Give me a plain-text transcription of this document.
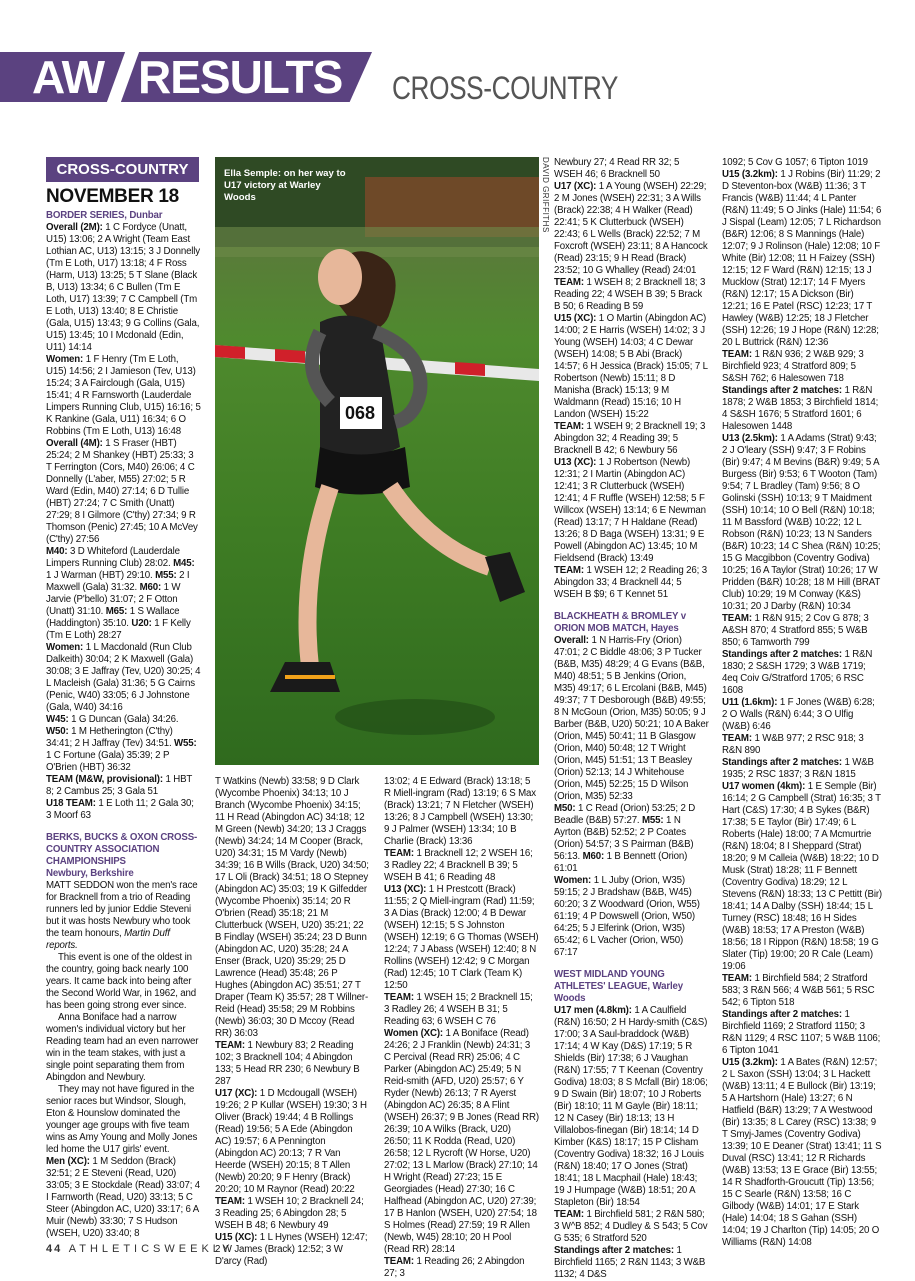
AW RESULTS CROSS-COUNTRY
CROSS-COUNTRY
NOVEMBER 18

BORDER SERIES, Dunbar

Overall (2M): 1 C Fordyce (Unatt, U15) 13:06; 2 A Wright (Team East Lothian AC, U13) 13:15; 3 J Donnelly (Tm E Loth, U17) 13:18; 4 F Ross (Harm, U13) 13:25; 5 T Slane (Black B, U13) 13:34; 6 C Bullen (Tm E Loth, U17) 13:39; 7 C Campbell (Tm E Loth, U13) 13:40; 8 E Christie (Gala, U15) 13:43; 9 G Collins (Gala, U15) 13:45; 10 I Mcdonald (Edin, U11) 14:14

Women: 1 F Henry (Tm E Loth, U15) 14:56; 2 I Jamieson (Tev, U13) 15:24; 3 A Fairclough (Gala, U15) 15:41; 4 R Farnsworth (Lauderdale Limpers Running Club, U15) 16:16; 5 K Rankine (Gala, U11) 16:34; 6 O Robbins (Tm E Loth, U13) 16:48

Overall (4M): 1 S Fraser (HBT) 25:24; 2 M Shankey (HBT) 25:33; 3 T Ferrington (Cors, M40) 26:06; 4 C Donnelly (L'aber, M55) 27:02; 5 R Ward (Edin, M40) 27:14; 6 D Tullie (HBT) 27:24; 7 C Smith (Unatt) 27:29; 8 I Gilmore (C'thy) 27:34; 9 R Thomson (Penic) 27:45; 10 A McVey (C'thy) 27:56

M40: 3 D Whiteford (Lauderdale Limpers Running Club) 28:02. M45: 1 J Warman (HBT) 29:10. M55: 2 I Maxwell (Gala) 31:32. M60: 1 W Jarvie (P'bello) 31:07; 2 F Otton (Unatt) 31:10. M65: 1 S Wallace (Haddington) 35:10. U20: 1 F Kelly (Tm E Loth) 28:27

Women: 1 L Macdonald (Run Club Dalkeith) 30:04; 2 K Maxwell (Gala) 30:08; 3 E Jaffray (Tev, U20) 30:25; 4 L Macleish (Gala) 31:36; 5 G Cairns (Penic, W40) 33:05; 6 J Johnstone (Gala, W40) 34:16

W45: 1 G Duncan (Gala) 34:26. W50: 1 M Hetherington (C'thy) 34:41; 2 H Jaffray (Tev) 34:51. W55: 1 C Fortune (Gala) 35:39; 2 P O'Brien (HBT) 36:32

TEAM (M&W, provisional): 1 HBT 8; 2 Cambus 25; 3 Gala 51

U18 TEAM: 1 E Loth 11; 2 Gala 30; 3 Moorf 63

BERKS, BUCKS & OXON CROSS-COUNTRY ASSOCIATION CHAMPIONSHIPS

Newbury, Berkshire

MATT SEDDON won the men's race for Bracknell from a trio of Reading runners led by junior Eddie Steveni but it was hosts Newbury who took the team honours, Martin Duff reports.

This event is one of the oldest in the country, going back nearly 100 years. It came back into being after the Second World War, in 1962, and has been going strong ever since.

Anna Boniface had a narrow women's individual victory but her Reading team had an even narrower win in the team stakes, with just a single point separating them from Abingdon and Newbury.

They may not have figured in the senior races but Windsor, Slough, Eton & Hounslow dominated the younger age groups with five team wins as Amy Young and Molly Jones led home the U17 girls' event.

Men (XC): 1 M Seddon (Brack) 32:51; 2 E Steveni (Read, U20) 33:05; 3 E Stockdale (Read) 33:07; 4 I Farnworth (Read, U20) 33:13; 5 C Steer (Abingdon AC, U20) 33:17; 6 A Muir (Newb) 33:30; 7 S Hudson (WSEH, U20) 33:40; 8

068
Ella Semple: on her way to U17 victory at Warley Woods	DAVID GRIFFITHS

T Watkins (Newb) 33:58; 9 D Clark (Wycombe Phoenix) 34:13; 10 J Branch (Wycombe Phoenix) 34:15; 11 H Read (Abingdon AC) 34:18; 12 M Green (Newb) 34:20; 13 J Craggs (Newb) 34:24; 14 M Cooper (Brack, U20) 34:31; 15 M Vardy (Newb) 34:39; 16 B Wills (Brack, U20) 34:50; 17 L Oli (Brack) 34:51; 18 O Stepney (Abingdon AC) 35:03; 19 K Gilfedder (Wycombe Phoenix) 35:14; 20 R O'brien (Read) 35:18; 21 M Clutterbuck (WSEH, U20) 35:21; 22 B Findlay (WSEH) 35:24; 23 D Bunn (Abingdon AC, U20) 35:28; 24 A Enser (Brack, U20) 35:29; 25 D Lawrence (Head) 35:48; 26 P Hughes (Abingdon AC) 35:51; 27 T Draper (Team K) 35:57; 28 T Willner-Reid (Head) 35:58; 29 M Robbins (Newb) 36:03; 30 D Mccoy (Read RR) 36:03

TEAM: 1 Newbury 83; 2 Reading 102; 3 Bracknell 104; 4 Abingdon 133; 5 Head RR 230; 6 Newbury B 287

U17 (XC): 1 D Mcdougall (WSEH) 19:26; 2 P Kullar (WSEH) 19:30; 3 H Oliver (Brack) 19:44; 4 B Rollings (Read) 19:56; 5 A Ede (Abingdon AC) 19:57; 6 A Pennington (Abingdon AC) 20:13; 7 R Van Heerde (WSEH) 20:15; 8 T Allen (Newb) 20:20; 9 F Henry (Brack) 20:20; 10 M Raynor (Read) 20:22

TEAM: 1 WSEH 10; 2 Bracknell 24; 3 Reading 25; 6 Abingdon 28; 5 WSEH B 48; 6 Newbury 49

U15 (XC): 1 L Hynes (WSEH) 12:47; 2 W James (Brack) 12:52; 3 W D'arcy (Rad)

13:02; 4 E Edward (Brack) 13:18; 5 R Miell-ingram (Rad) 13:19; 6 S Max (Brack) 13:21; 7 N Fletcher (WSEH) 13:26; 8 J Campbell (WSEH) 13:30; 9 J Palmer (WSEH) 13:34; 10 B Charlie (Brack) 13:36

TEAM: 1 Bracknell 12; 2 WSEH 16; 3 Radley 22; 4 Bracknell B 39; 5 WSEH B 41; 6 Reading 48

U13 (XC): 1 H Prestcott (Brack) 11:55; 2 Q Miell-ingram (Rad) 11:59; 3 A Dias (Brack) 12:00; 4 B Dewar (WSEH) 12:15; 5 S Johnston (WSEH) 12:19; 6 G Thomas (WSEH) 12:24; 7 J Abass (WSEH) 12:40; 8 N Rollins (WSEH) 12:42; 9 C Morgan (Rad) 12:45; 10 T Clark (Team K) 12:50

TEAM: 1 WSEH 15; 2 Bracknell 15; 3 Radley 26; 4 WSEH B 31; 5 Reading 63; 6 WSEH C 76

Women (XC): 1 A Boniface (Read) 24:26; 2 J Franklin (Newb) 24:31; 3 C Percival (Read RR) 25:06; 4 C Parker (Abingdon AC) 25:49; 5 N Reid-smith (AFD, U20) 25:57; 6 Y Ryder (Newb) 26:13; 7 R Ayerst (Abingdon AC) 26:35; 8 A Flint (WSEH) 26:37; 9 B Jones (Read RR) 26:39; 10 A Wilks (Brack, U20) 26:50; 11 K Rodda (Read, U20) 26:58; 12 L Rycroft (W Horse, U20) 27:02; 13 L Marlow (Brack) 27:10; 14 H Wright (Read) 27:23; 15 E Georgiades (Head) 27:30; 16 C Halfhead (Abingdon AC, U20) 27:39; 17 B Hanlon (WSEH, U20) 27:54; 18 S Holmes (Read) 27:59; 19 R Allen (Newb, W45) 28:10; 20 H Pool (Read RR) 28:14

TEAM: 1 Reading 26; 2 Abingdon 27; 3

Newbury 27; 4 Read RR 32; 5 WSEH 46; 6 Bracknell 50

U17 (XC): 1 A Young (WSEH) 22:29; 2 M Jones (WSEH) 22:31; 3 A Wills (Brack) 22:38; 4 H Walker (Read) 22:41; 5 K Clutterbuck (WSEH) 22:43; 6 L Wells (Brack) 22:52; 7 M Foxcroft (WSEH) 23:11; 8 A Hancock (Read) 23:15; 9 H Read (Brack) 23:52; 10 G Whalley (Read) 24:01

TEAM: 1 WSEH 8; 2 Bracknell 18; 3 Reading 22; 4 WSEH B 39; 5 Brack B 50; 6 Reading B 59

U15 (XC): 1 O Martin (Abingdon AC) 14:00; 2 E Harris (WSEH) 14:02; 3 J Young (WSEH) 14:03; 4 C Dewar (WSEH) 14:08; 5 B Abi (Brack) 14:57; 6 H Jessica (Brack) 15:05; 7 L Robertson (Newb) 15:11; 8 D Manisha (Brack) 15:13; 9 M Waldmann (Read) 15:16; 10 H Landon (WSEH) 15:22

TEAM: 1 WSEH 9; 2 Bracknell 19; 3 Abingdon 32; 4 Reading 39; 5 Bracknell B 42; 6 Newbury 56

U13 (XC): 1 J Robertson (Newb) 12:31; 2 I Martin (Abingdon AC) 12:41; 3 R Clutterbuck (WSEH) 12:41; 4 F Ruffle (WSEH) 12:58; 5 F Willcox (WSEH) 13:14; 6 E Newman (Read) 13:17; 7 H Haldane (Read) 13:26; 8 D Baga (WSEH) 13:31; 9 E Powell (Abingdon AC) 13:45; 10 M Fieldsend (Brack) 13:49

TEAM: 1 WSEH 12; 2 Reading 26; 3 Abingdon 33; 4 Bracknell 44; 5 WSEH B $9; 6 T Kennet 51

BLACKHEATH & BROMLEY v ORION MOB MATCH, Hayes

Overall: 1 N Harris-Fry (Orion) 47:01; 2 C Biddle 48:06; 3 P Tucker (B&B, M35) 48:29; 4 G Evans (B&B, M40) 48:51; 5 B Jenkins (Orion, M35) 49:17; 6 L Ercolani (B&B, M45) 49:37; 7 T Desborough (B&B) 49:55; 8 N McGoun (Orion, M35) 50:05; 9 J Barber (B&B, U20) 50:21; 10 A Baker (Orion, M45) 50:41; 11 B Glasgow (Orion, M40) 50:48; 12 T Wright (Orion, M45) 51:51; 13 T Beasley (Orion) 52:13; 14 J Whitehouse (Orion, M45) 52:25; 15 D Wilson (Orion, M35) 52:33

M50: 1 C Read (Orion) 53:25; 2 D Beadle (B&B) 57:27. M55: 1 N Ayrton (B&B) 52:52; 2 P Coates (Orion) 54:57; 3 S Pairman (B&B) 56:13. M60: 1 B Bennett (Orion) 61:01

Women: 1 L Juby (Orion, W35) 59:15; 2 J Bradshaw (B&B, W45) 60:20; 3 Z Woodward (Orion, W55) 61:19; 4 P Dowswell (Orion, W50) 64:25; 5 J Elferink (Orion, W35) 65:42; 6 L Vacher (Orion, W50) 67:17

WEST MIDLAND YOUNG ATHLETES' LEAGUE, Warley Woods

U17 men (4.8km): 1 A Caulfield (R&N) 16:50; 2 H Hardy-smith (C&S) 17:00; 3 A Saul-braddock (W&B) 17:14; 4 W Kay (D&S) 17:19; 5 R Shields (Bir) 17:38; 6 J Vaughan (R&N) 17:55; 7 T Keenan (Coventry Godiva) 18:03; 8 S Mcfall (Bir) 18:06; 9 D Swain (Bir) 18:07; 10 J Roberts (Bir) 18:10; 11 M Gayle (Bir) 18:11; 12 N Casey (Bir) 18:13; 13 H Villalobos-finegan (Bir) 18:14; 14 D Kimber (K&S) 18:17; 15 P Clisham (Coventry Godiva) 18:32; 16 J Louis (R&N) 18:40; 17 O Jones (Strat) 18:41; 18 L Macphail (Hale) 18:43; 19 J Humpage (W&B) 18:51; 20 A Stapleton (Bir) 18:54

TEAM: 1 Birchfield 581; 2 R&N 580; 3 W^B 852; 4 Dudley & S 543; 5 Cov G 535; 6 Stratford 520

Standings after 2 matches: 1 Birchfield 1165; 2 R&N 1143; 3 W&B 1132; 4 D&S

1092; 5 Cov G 1057; 6 Tipton 1019

U15 (3.2km): 1 J Robins (Bir) 11:29; 2 D Steventon-box (W&B) 11:36; 3 T Francis (W&B) 11:44; 4 L Panter (R&N) 11:49; 5 O Jinks (Hale) 11:54; 6 J Sispal (Leam) 12:05; 7 L Richardson (B&R) 12:06; 8 S Mannings (Hale) 12:07; 9 J Rolinson (Hale) 12:08; 10 F White (Bir) 12:08; 11 H Faizey (SSH) 12:15; 12 F Ward (R&N) 12:15; 13 J Mucklow (Strat) 12:17; 14 F Myers (R&N) 12:17; 15 A Dickson (Bir) 12:21; 16 E Patel (RSC) 12:23; 17 T Hawley (W&B) 12:25; 18 J Fletcher (SSH) 12:26; 19 J Hope (R&N) 12:28; 20 L Buttrick (R&N) 12:36

TEAM: 1 R&N 936; 2 W&B 929; 3 Birchfield 923; 4 Stratford 809; 5 S&SH 762; 6 Halesowen 718

Standings after 2 matches: 1 R&N 1878; 2 W&B 1853; 3 Birchfield 1814; 4 S&SH 1676; 5 Stratford 1601; 6 Halesowen 1448

U13 (2.5km): 1 A Adams (Strat) 9:43; 2 J O'leary (SSH) 9:47; 3 F Robins (Bir) 9:47; 4 M Bevins (B&R) 9:49; 5 A Burgess (Bir) 9:53; 6 T Wooton (Tam) 9:54; 7 L Bradley (Tam) 9:56; 8 O Golinski (SSH) 10:13; 9 T Maidment (SSH) 10:14; 10 O Bell (R&N) 10:18; 11 M Bassford (W&B) 10:22; 12 L Robson (R&N) 10:23; 13 N Sanders (B&R) 10:23; 14 C Shea (R&N) 10:25; 15 G Macgibbon (Coventry Godiva) 10:25; 16 A Taylor (Strat) 10:26; 17 W Pridden (B&R) 10:28; 18 M Hill (BRAT Club) 10:29; 19 M Conway (K&S) 10:31; 20 J Darby (R&N) 10:34

TEAM: 1 R&N 915; 2 Cov G 878; 3 A&SH 870; 4 Stratford 855; 5 W&B 850; 6 Tamworth 799

Standings after 2 matches: 1 R&N 1830; 2 S&SH 1729; 3 W&B 1719; 4eq Coiv G/Stratford 1705; 6 RSC 1608

U11 (1.6km): 1 F Jones (W&B) 6:28; 2 O Walls (R&N) 6:44; 3 O Ulfig (W&B) 6:46

TEAM: 1 W&B 977; 2 RSC 918; 3 R&N 890

Standings after 2 matches: 1 W&B 1935; 2 RSC 1837; 3 R&N 1815

U17 women (4km): 1 E Semple (Bir) 16:14; 2 G Campbell (Strat) 16:35; 3 T Hart (C&S) 17:30; 4 B Sykes (B&R) 17:38; 5 E Taylor (Bir) 17:49; 6 L Roberts (Hale) 18:00; 7 A Mcmurtrie (R&N) 18:04; 8 I Sheppard (Strat) 18:20; 9 M Calleia (W&B) 18:22; 10 D Musk (Strat) 18:28; 11 F Bennett (Coventry Godiva) 18:29; 12 L Stevens (R&N) 18:33; 13 C Pettitt (Bir) 18:41; 14 A Dalby (SSH) 18:44; 15 L Turney (RSC) 18:48; 16 H Sides (W&B) 18:53; 17 A Preston (W&B) 18:56; 18 I Rippon (R&N) 18:58; 19 G Slater (Tip) 19:00; 20 R Cale (Leam) 19:06

TEAM: 1 Birchfield 584; 2 Stratford 583; 3 R&N 566; 4 W&B 561; 5 RSC 542; 6 Tipton 518

Standings after 2 matches: 1 Birchfield 1169; 2 Stratford 1150; 3 R&N 1129; 4 RSC 1107; 5 W&B 1106; 6 Tipton 1041

U15 (3.2km): 1 A Bates (R&N) 12:57; 2 L Saxon (SSH) 13:04; 3 L Hackett (W&B) 13:11; 4 E Bullock (Bir) 13:19; 5 A Hartshorn (Hale) 13:27; 6 N Hatfield (B&R) 13:29; 7 A Westwood (Bir) 13:35; 8 L Carey (RSC) 13:38; 9 T Smyj-James (Coventry Godiva) 13:39; 10 E Deaner (Strat) 13:41; 11 S Duval (RSC) 13:41; 12 R Richards (W&B) 13:53; 13 E Grace (Bir) 13:55; 14 R Shadforth-Groucutt (Tip) 13:56; 15 C Searle (R&N) 13:58; 16 C Gilbody (W&B) 14:01; 17 E Stark (Hale) 14:04; 18 S Gahan (SSH) 14:04; 19 J Charlton (Tip) 14:05; 20 O Williams (R&N) 14:08

44 ATHLETICSWEEKLY
